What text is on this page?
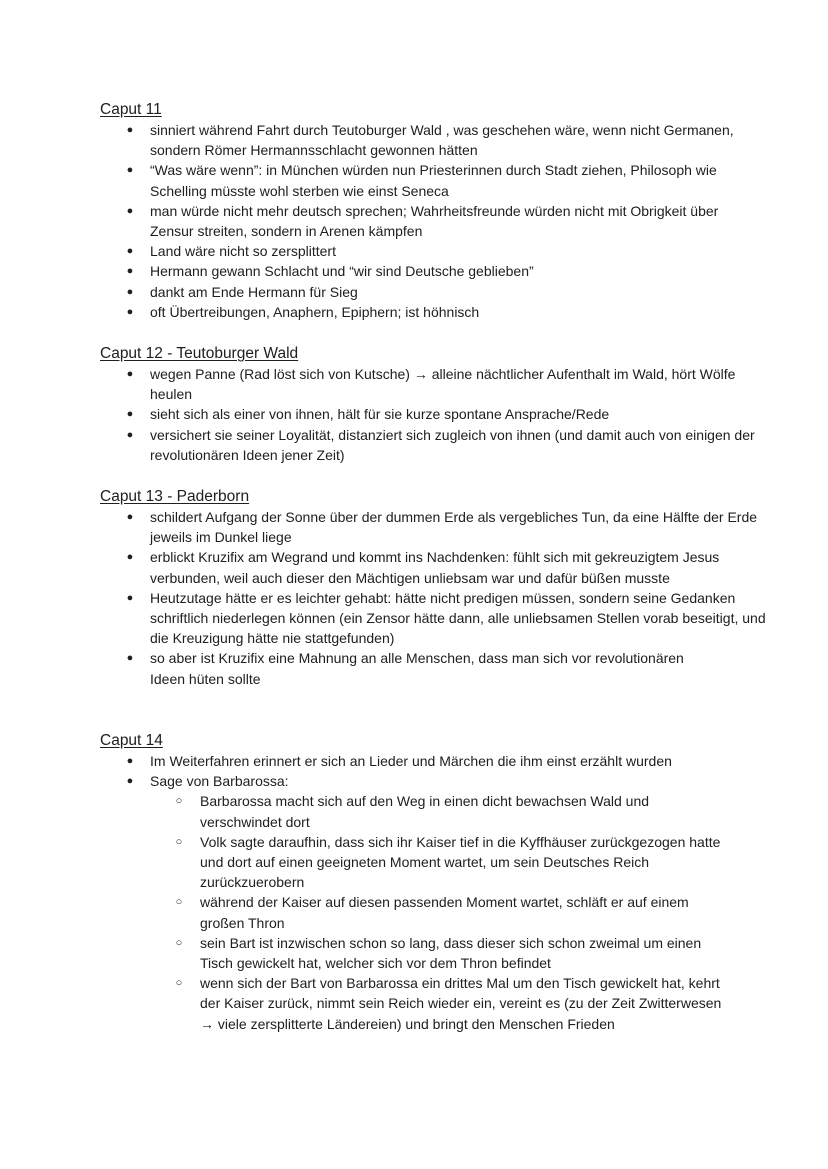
Caput 11
● sinniert während Fahrt durch Teutoburger Wald , was geschehen wäre, wenn nicht Germanen, sondern Römer Hermannsschlacht gewonnen hätten
● “Was wäre wenn”: in München würden nun Priesterinnen durch Stadt ziehen, Philosoph wie Schelling müsste wohl sterben wie einst Seneca
● man würde nicht mehr deutsch sprechen; Wahrheitsfreunde würden nicht mit Obrigkeit über Zensur streiten, sondern in Arenen kämpfen
● Land wäre nicht so zersplittert
● Hermann gewann Schlacht und “wir sind Deutsche geblieben”
● dankt am Ende Hermann für Sieg
● oft Übertreibungen, Anaphern, Epiphern; ist höhnisch
Caput 12 - Teutoburger Wald
● wegen Panne (Rad löst sich von Kutsche) → alleine nächtlicher Aufenthalt im Wald, hört Wölfe heulen
● sieht sich als einer von ihnen, hält für sie kurze spontane Ansprache/Rede
● versichert sie seiner Loyalität, distanziert sich zugleich von ihnen (und damit auch von einigen der revolutionären Ideen jener Zeit)
Caput 13 - Paderborn
● schildert Aufgang der Sonne über der dummen Erde als vergebliches Tun, da eine Hälfte der Erde jeweils im Dunkel liege
● erblickt Kruzifix am Wegrand und kommt ins Nachdenken: fühlt sich mit gekreuzigtem Jesus verbunden, weil auch dieser den Mächtigen unliebsam war und dafür büßen musste
● Heutzutage hätte er es leichter gehabt: hätte nicht predigen müssen, sondern seine Gedanken schriftlich niederlegen können (ein Zensor hätte dann, alle unliebsamen Stellen vorab beseitigt, und die Kreuzigung hätte nie stattgefunden)
● so aber ist Kruzifix eine Mahnung an alle Menschen, dass man sich vor revolutionären Ideen hüten sollte
Caput 14
● Im Weiterfahren erinnert er sich an Lieder und Märchen die ihm einst erzählt wurden
● Sage von Barbarossa:
○ Barbarossa macht sich auf den Weg in einen dicht bewachsen Wald und verschwindet dort
○ Volk sagte daraufhin, dass sich ihr Kaiser tief in die Kyffhäuser zurückgezogen hatte und dort auf einen geeigneten Moment wartet, um sein Deutsches Reich zurückzuerobern
○ während der Kaiser auf diesen passenden Moment wartet, schläft er auf einem großen Thron
○ sein Bart ist inzwischen schon so lang, dass dieser sich schon zweimal um einen Tisch gewickelt hat, welcher sich vor dem Thron befindet
○ wenn sich der Bart von Barbarossa ein drittes Mal um den Tisch gewickelt hat, kehrt der Kaiser zurück, nimmt sein Reich wieder ein, vereint es (zu der Zeit Zwitterwesen → viele zersplitterte Ländereien) und bringt den Menschen Frieden
